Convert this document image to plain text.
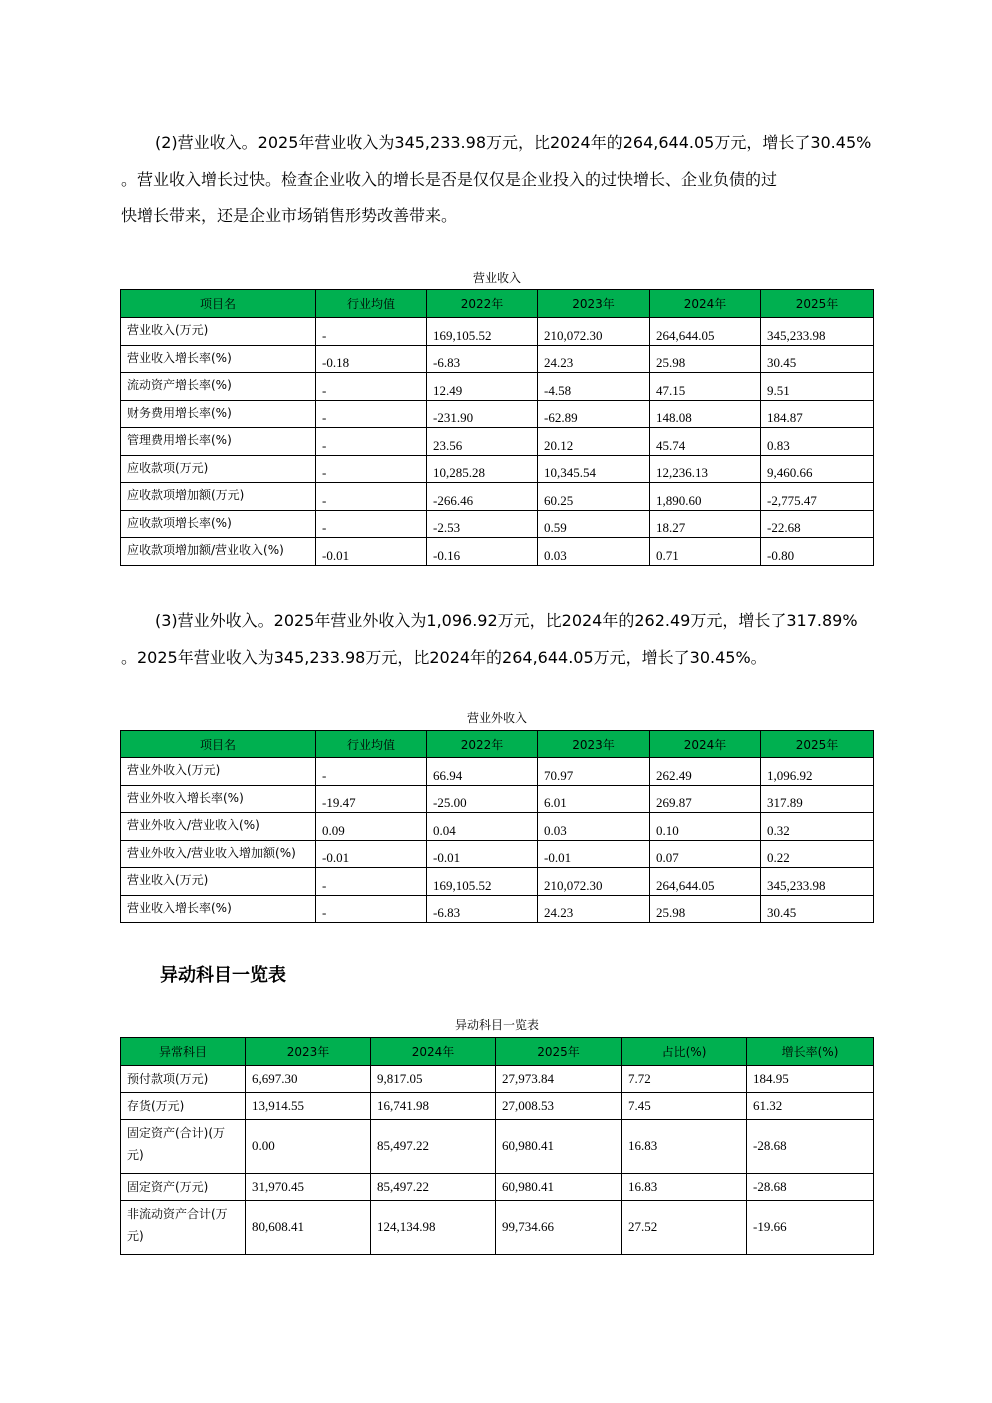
(2)营业收入。2025年营业收入为345,233.98万元，比2024年的264,644.05万元，增长了30.45%
。营业收入增长过快。检查企业收入的增长是否是仅仅是企业投入的过快增长、企业负债的过
快增长带来，还是企业市场销售形势改善带来。
营业收入
项目名	行业均值	2022年	2023年	2024年	2025年
营业收入(万元)	-	169,105.52	210,072.30	264,644.05	345,233.98
营业收入增长率(%)	-0.18	-6.83	24.23	25.98	30.45
流动资产增长率(%)	-	12.49	-4.58	47.15	9.51
财务费用增长率(%)	-	-231.90	-62.89	148.08	184.87
管理费用增长率(%)	-	23.56	20.12	45.74	0.83
应收款项(万元)	-	10,285.28	10,345.54	12,236.13	9,460.66
应收款项增加额(万元)	-	-266.46	60.25	1,890.60	-2,775.47
应收款项增长率(%)	-	-2.53	0.59	18.27	-22.68
应收款项增加额/营业收入(%)	-0.01	-0.16	0.03	0.71	-0.80
(3)营业外收入。2025年营业外收入为1,096.92万元，比2024年的262.49万元，增长了317.89%
。2025年营业收入为345,233.98万元，比2024年的264,644.05万元，增长了30.45%。
营业外收入
项目名	行业均值	2022年	2023年	2024年	2025年
营业外收入(万元)	-	66.94	70.97	262.49	1,096.92
营业外收入增长率(%)	-19.47	-25.00	6.01	269.87	317.89
营业外收入/营业收入(%)	0.09	0.04	0.03	0.10	0.32
营业外收入/营业收入增加额(%)	-0.01	-0.01	-0.01	0.07	0.22
营业收入(万元)	-	169,105.52	210,072.30	264,644.05	345,233.98
营业收入增长率(%)	-	-6.83	24.23	25.98	30.45
异动科目一览表
异动科目一览表
异常科目	2023年	2024年	2025年	占比(%)	增长率(%)
预付款项(万元)	6,697.30	9,817.05	27,973.84	7.72	184.95
存货(万元)	13,914.55	16,741.98	27,008.53	7.45	61.32
固定资产(合计)(万元)	0.00	85,497.22	60,980.41	16.83	-28.68
固定资产(万元)	31,970.45	85,497.22	60,980.41	16.83	-28.68
非流动资产合计(万元)	80,608.41	124,134.98	99,734.66	27.52	-19.66
